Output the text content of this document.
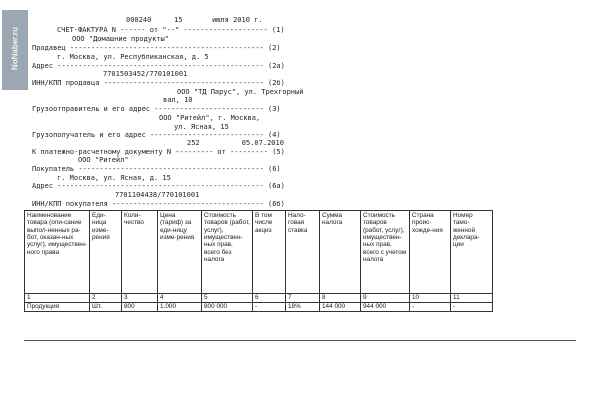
NoNaber.ru
000240	15	июля 2010 г.
СЧЕТ-ФАКТУРА N ------ от "--" -------------------- (1)
ООО "Домашние продукты"
Продавец ---------------------------------------------- (2)
г. Москва, ул. Республиканская, д. 5
Адрес ------------------------------------------------- (2а)
7701503452/770101001
ИНН/КПП продавца -------------------------------------- (2б)
ООО "ТД Парус", ул. Трехгорный
вал, 10
Грузоотправитель и его адрес -------------------------- (3)
ООО "Ритейл", г. Москва,
ул. Ясная, 15
Грузополучатель и его адрес --------------------------- (4)
252          05.07.2010
К платежно-расчетному документу N --------- от --------- (5)
ООО "Ритейл"
Покупатель -------------------------------------------- (6)
г. Москва, ул. Ясная, д. 15
Адрес ------------------------------------------------- (6а)
7701104438/770101001
ИНН/КПП покупателя ------------------------------------ (6б)
Наименование товара (опи-сание выпол-ненных ра-бот, оказан-ных услуг), имуществен-ного права	Еди-ница изме-рения	Коли-чество	Цена (тариф) за еди-ницу изме-рения	Стоимость товаров (работ, услуг), имуществен-ных прав, всего без налога	В том числе акциз	Нало-говая ставка	Сумма налога	Стоимость товаров (работ, услуг), имуществен-ных прав, всего с учетом налога	Страна проис-хожде-ния	Номер тамо-женной деклара-ции
1	2	3	4	5	6	7	8	9	10	11
Продукция	Шт.	800	1.000	800 000	-	18%	144 000	944 000	-	-
